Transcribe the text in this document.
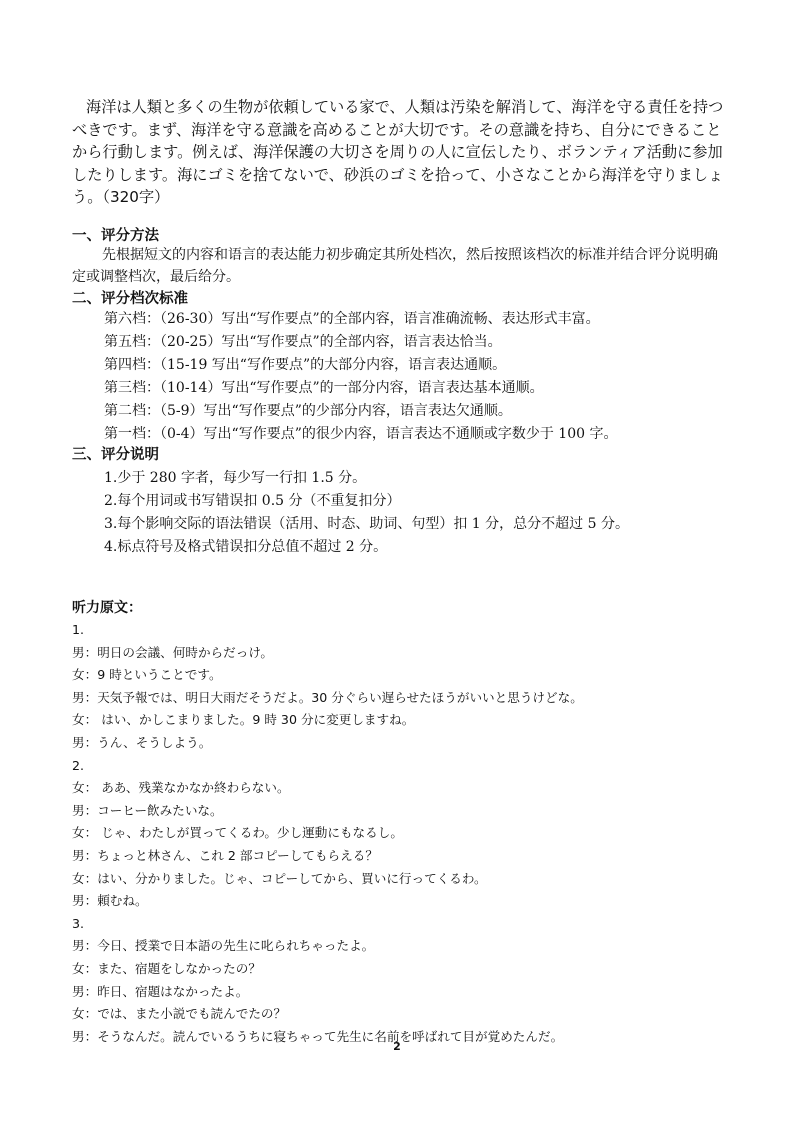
海洋は人類と多くの生物が依頼している家で、人類は汚染を解消して、海洋を守る責任を持つべきです。まず、海洋を守る意識を高めることが大切です。その意識を持ち、自分にできることから行動します。例えば、海洋保護の大切さを周りの人に宣伝したり、ボランティア活動に参加したりします。海にゴミを捨てないで、砂浜のゴミを拾って、小さなことから海洋を守りましょう。（320字）

一、评分方法

先根据短文的内容和语言的表达能力初步确定其所处档次，然后按照该档次的标准并结合评分说明确定或调整档次，最后给分。

二、评分档次标准
第六档：（26-30）写出“写作要点”的全部内容，语言准确流畅、表达形式丰富。
第五档：（20-25）写出“写作要点”的全部内容，语言表达恰当。
第四档：（15-19 写出“写作要点”的大部分内容，语言表达通顺。
第三档：（10-14）写出“写作要点”的一部分内容，语言表达基本通顺。
第二档：（5-9）写出“写作要点”的少部分内容，语言表达欠通顺。
第一档：（0-4）写出“写作要点”的很少内容，语言表达不通顺或字数少于 100 字。
三、评分说明
1.少于 280 字者，每少写一行扣 1.5 分。
2.每个用词或书写错误扣 0.5 分（不重复扣分）
3.每个影响交际的语法错误（活用、时态、助词、句型）扣 1 分，总分不超过 5 分。
4.标点符号及格式错误扣分总值不超过 2 分。
听力原文：
1.
男：明日の会議、何時からだっけ。
女：9 時ということです。
男：天気予報では、明日大雨だそうだよ。30 分ぐらい遅らせたほうがいいと思うけどな。
女： はい、かしこまりました。9 時 30 分に変更しますね。
男：うん、そうしよう。
2.
女： ああ、残業なかなか終わらない。
男：コーヒー飲みたいな。
女： じゃ、わたしが買ってくるわ。少し運動にもなるし。
男：ちょっと林さん、これ 2 部コピーしてもらえる？
女：はい、分かりました。じゃ、コピーしてから、買いに行ってくるわ。
男：頼むね。
3.
男：今日、授業で日本語の先生に叱られちゃったよ。
女：また、宿題をしなかったの？
男：昨日、宿題はなかったよ。
女：では、また小説でも読んでたの？
男：そうなんだ。読んでいるうちに寝ちゃって先生に名前を呼ばれて目が覚めたんだ。
2
